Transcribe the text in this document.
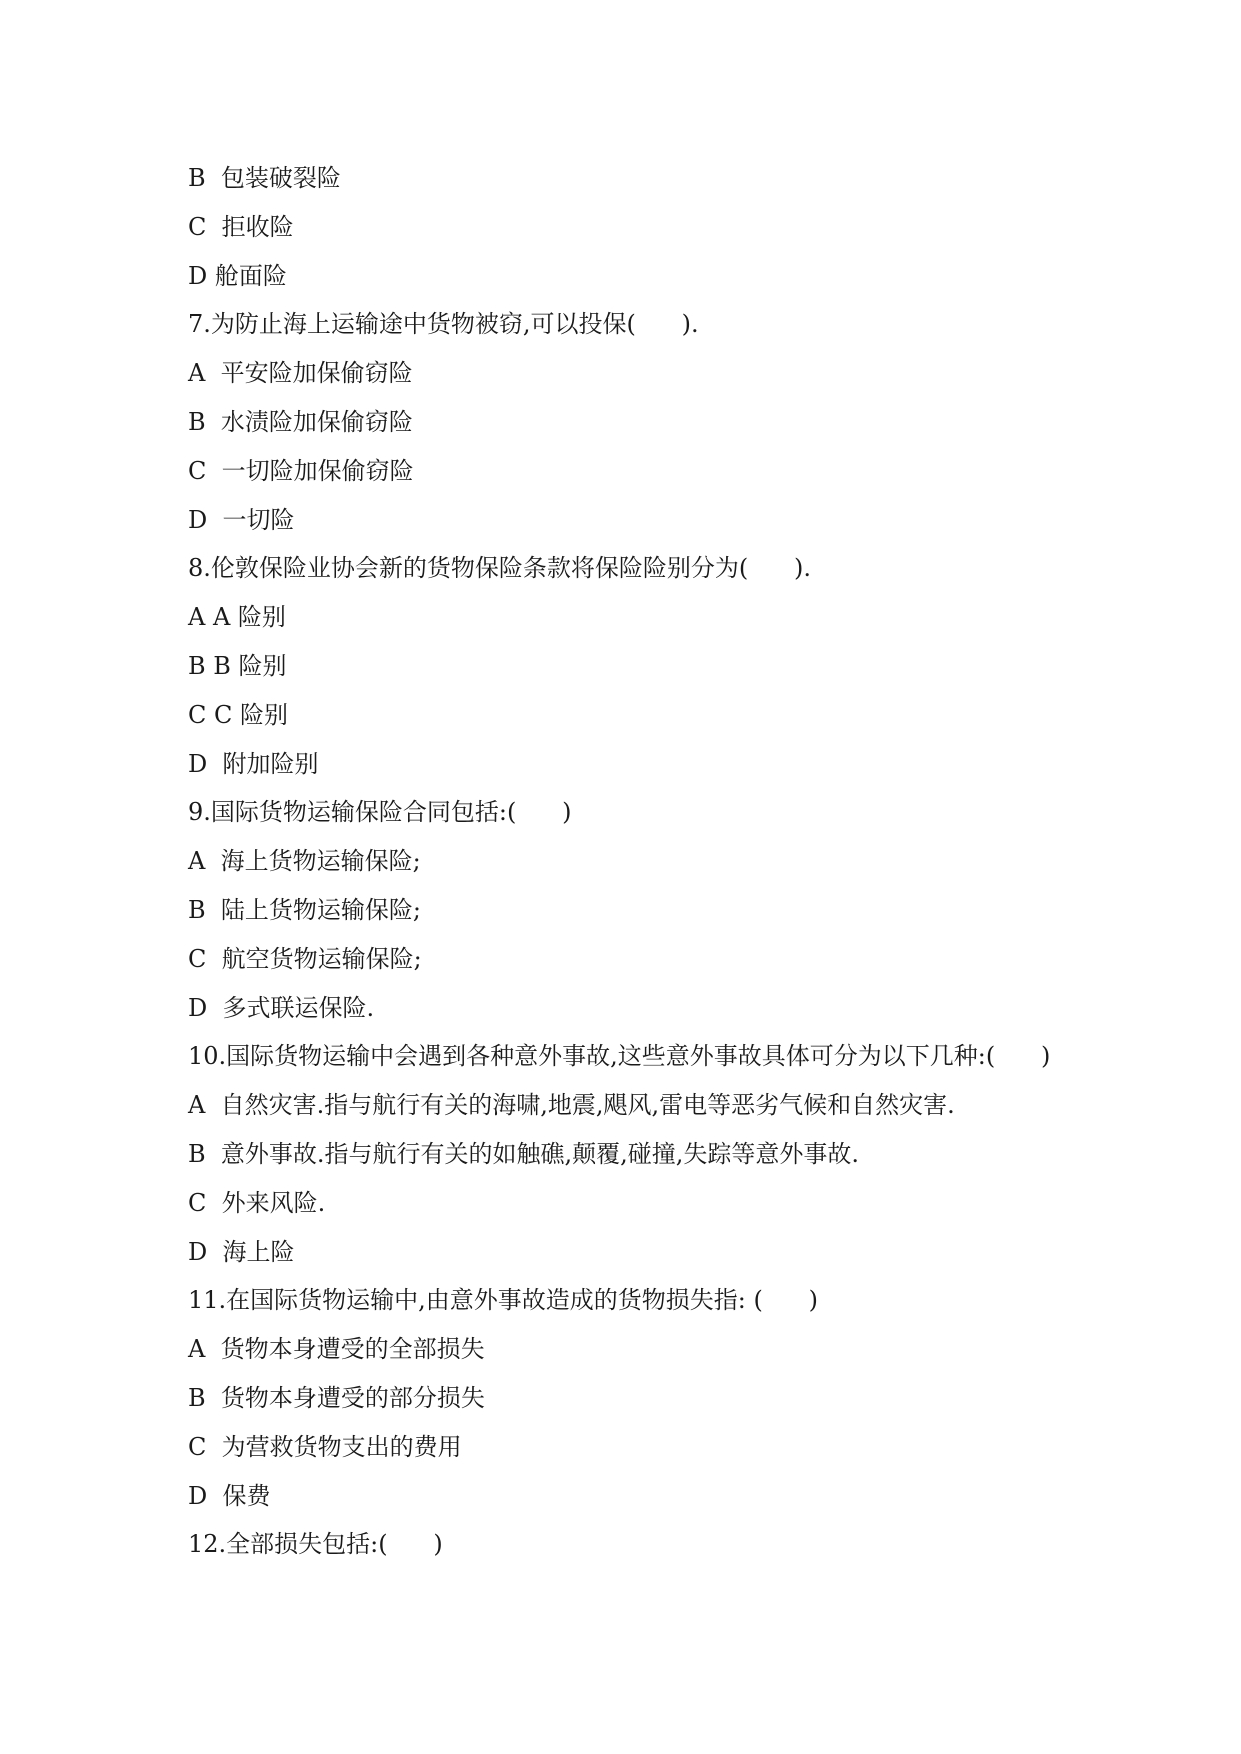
B  包装破裂险

C  拒收险

D 舱面险

7.为防止海上运输途中货物被窃,可以投保(      ).

A  平安险加保偷窃险

B  水渍险加保偷窃险

C  一切险加保偷窃险

D  一切险

8.伦敦保险业协会新的货物保险条款将保险险别分为(      ).

A A 险别

B B 险别

C C 险别

D  附加险别

9.国际货物运输保险合同包括:(      )

A  海上货物运输保险;

B  陆上货物运输保险;

C  航空货物运输保险;

D  多式联运保险.

10.国际货物运输中会遇到各种意外事故,这些意外事故具体可分为以下几种:(      )

A  自然灾害.指与航行有关的海啸,地震,飓风,雷电等恶劣气候和自然灾害.

B  意外事故.指与航行有关的如触礁,颠覆,碰撞,失踪等意外事故.

C  外来风险.

D  海上险

11.在国际货物运输中,由意外事故造成的货物损失指: (      )

A  货物本身遭受的全部损失

B  货物本身遭受的部分损失

C  为营救货物支出的费用

D  保费

12.全部损失包括:(      )
